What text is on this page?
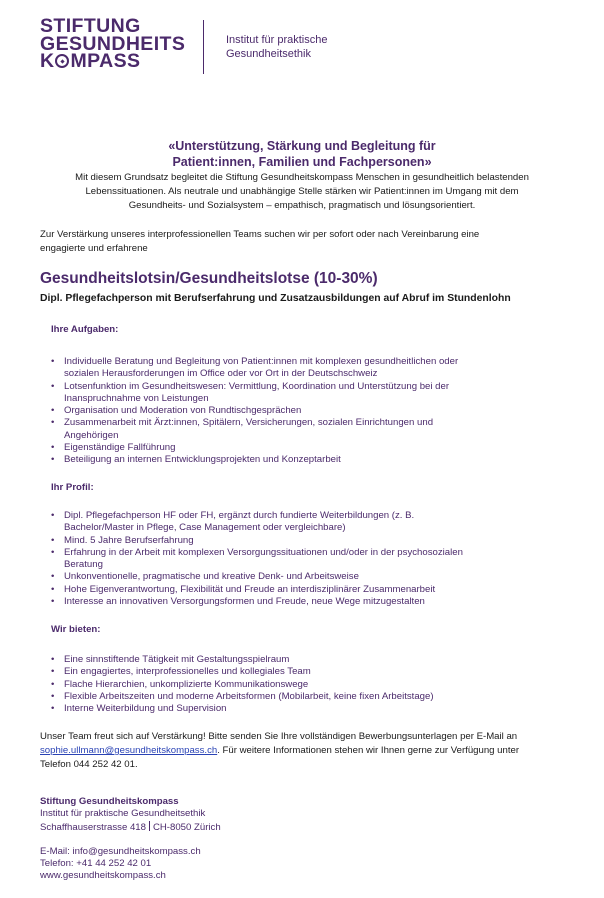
STIFTUNG
GESUNDHEITS
K MPASS
Institut für praktische
Gesundheitsethik
«Unterstützung, Stärkung und Begleitung für
Patient:innen, Familien und Fachpersonen»
Mit diesem Grundsatz begleitet die Stiftung Gesundheitskompass Menschen in gesundheitlich belastenden
Lebenssituationen. Als neutrale und unabhängige Stelle stärken wir Patient:innen im Umgang mit dem
Gesundheits- und Sozialsystem – empathisch, pragmatisch und lösungsorientiert.
Zur Verstärkung unseres interprofessionellen Teams suchen wir per sofort oder nach Vereinbarung eine
engagierte und erfahrene
Gesundheitslotsin/Gesundheitslotse (10-30%)
Dipl. Pflegefachperson mit Berufserfahrung und Zusatzausbildungen auf Abruf im Stundenlohn
Ihre Aufgaben:
• Individuelle Beratung und Begleitung von Patient:innen mit komplexen gesundheitlichen oder
sozialen Herausforderungen im Office oder vor Ort in der Deutschschweiz
• Lotsenfunktion im Gesundheitswesen: Vermittlung, Koordination und Unterstützung bei der
Inanspruchnahme von Leistungen
• Organisation und Moderation von Rundtischgesprächen
• Zusammenarbeit mit Ärzt:innen, Spitälern, Versicherungen, sozialen Einrichtungen und
Angehörigen
• Eigenständige Fallführung
• Beteiligung an internen Entwicklungsprojekten und Konzeptarbeit
Ihr Profil:
• Dipl. Pflegefachperson HF oder FH, ergänzt durch fundierte Weiterbildungen (z. B.
Bachelor/Master in Pflege, Case Management oder vergleichbare)
• Mind. 5 Jahre Berufserfahrung
• Erfahrung in der Arbeit mit komplexen Versorgungssituationen und/oder in der psychosozialen
Beratung
• Unkonventionelle, pragmatische und kreative Denk- und Arbeitsweise
• Hohe Eigenverantwortung, Flexibilität und Freude an interdisziplinärer Zusammenarbeit
• Interesse an innovativen Versorgungsformen und Freude, neue Wege mitzugestalten
Wir bieten:
• Eine sinnstiftende Tätigkeit mit Gestaltungsspielraum
• Ein engagiertes, interprofessionelles und kollegiales Team
• Flache Hierarchien, unkomplizierte Kommunikationswege
• Flexible Arbeitszeiten und moderne Arbeitsformen (Mobilarbeit, keine fixen Arbeitstage)
• Interne Weiterbildung und Supervision
Unser Team freut sich auf Verstärkung! Bitte senden Sie Ihre vollständigen Bewerbungsunterlagen per E-Mail an
sophie.ullmann@gesundheitskompass.ch. Für weitere Informationen stehen wir Ihnen gerne zur Verfügung unter
Telefon 044 252 42 01.
Stiftung Gesundheitskompass
Institut für praktische Gesundheitsethik
Schaffhauserstrasse 418 CH-8050 Zürich
E-Mail: info@gesundheitskompass.ch
Telefon: +41 44 252 42 01
www.gesundheitskompass.ch
